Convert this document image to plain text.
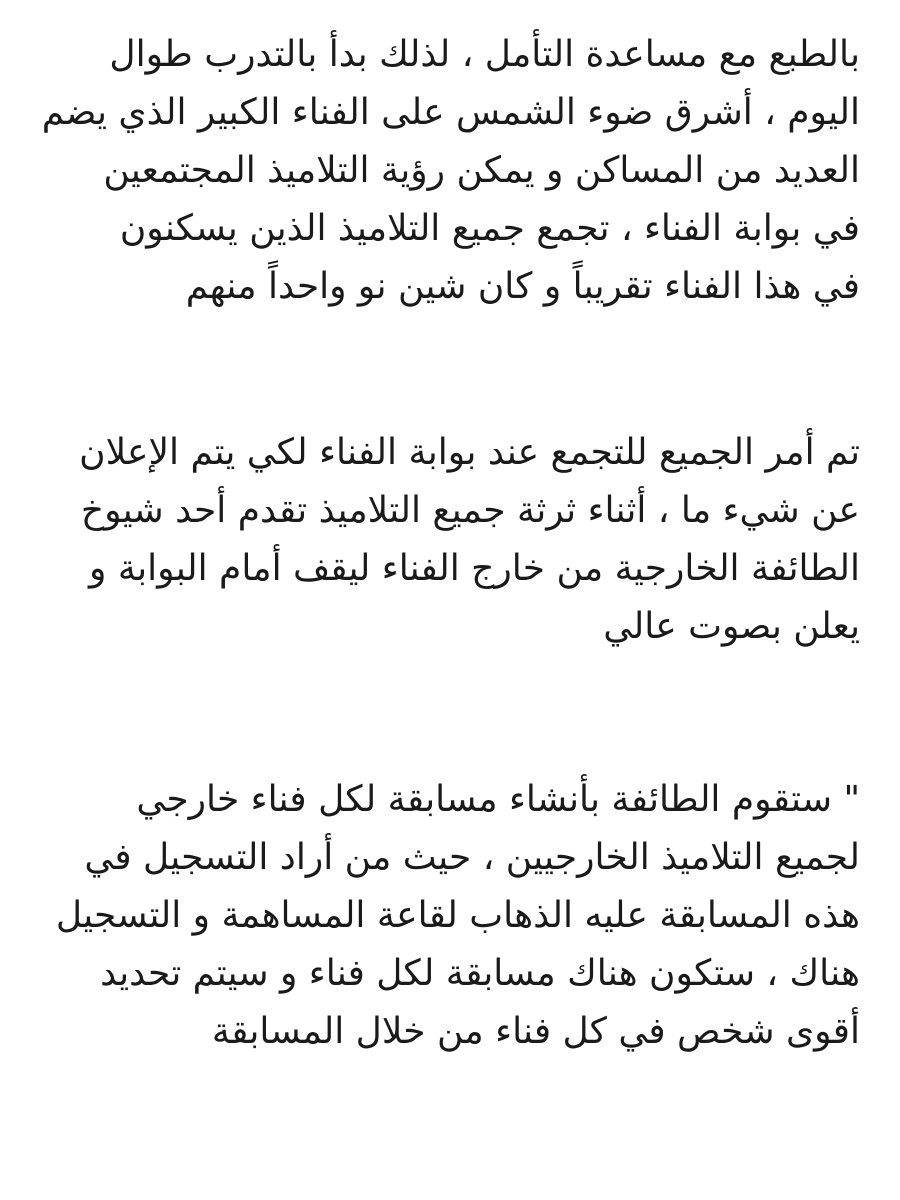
بالطبع مع مساعدة التأمل ، لذلك بدأ بالتدرب طوال
اليوم ، أشرق ضوء الشمس على الفناء الكبير الذي يضم
العديد من المساكن و يمكن رؤية التلاميذ المجتمعين
في بوابة الفناء ، تجمع جميع التلاميذ الذين يسكنون
في هذا الفناء تقريباً و كان شين نو واحداً منهم

تم أمر الجميع للتجمع عند بوابة الفناء لكي يتم الإعلان
عن شيء ما ، أثناء ثرثة جميع التلاميذ تقدم أحد شيوخ
الطائفة الخارجية من خارج الفناء ليقف أمام البوابة و
يعلن بصوت عالي

" ستقوم الطائفة بأنشاء مسابقة لكل فناء خارجي
لجميع التلاميذ الخارجيين ، حيث من أراد التسجيل في
هذه المسابقة عليه الذهاب لقاعة المساهمة و التسجيل
هناك ، ستكون هناك مسابقة لكل فناء و سيتم تحديد
أقوى شخص في كل فناء من خلال المسابقة
